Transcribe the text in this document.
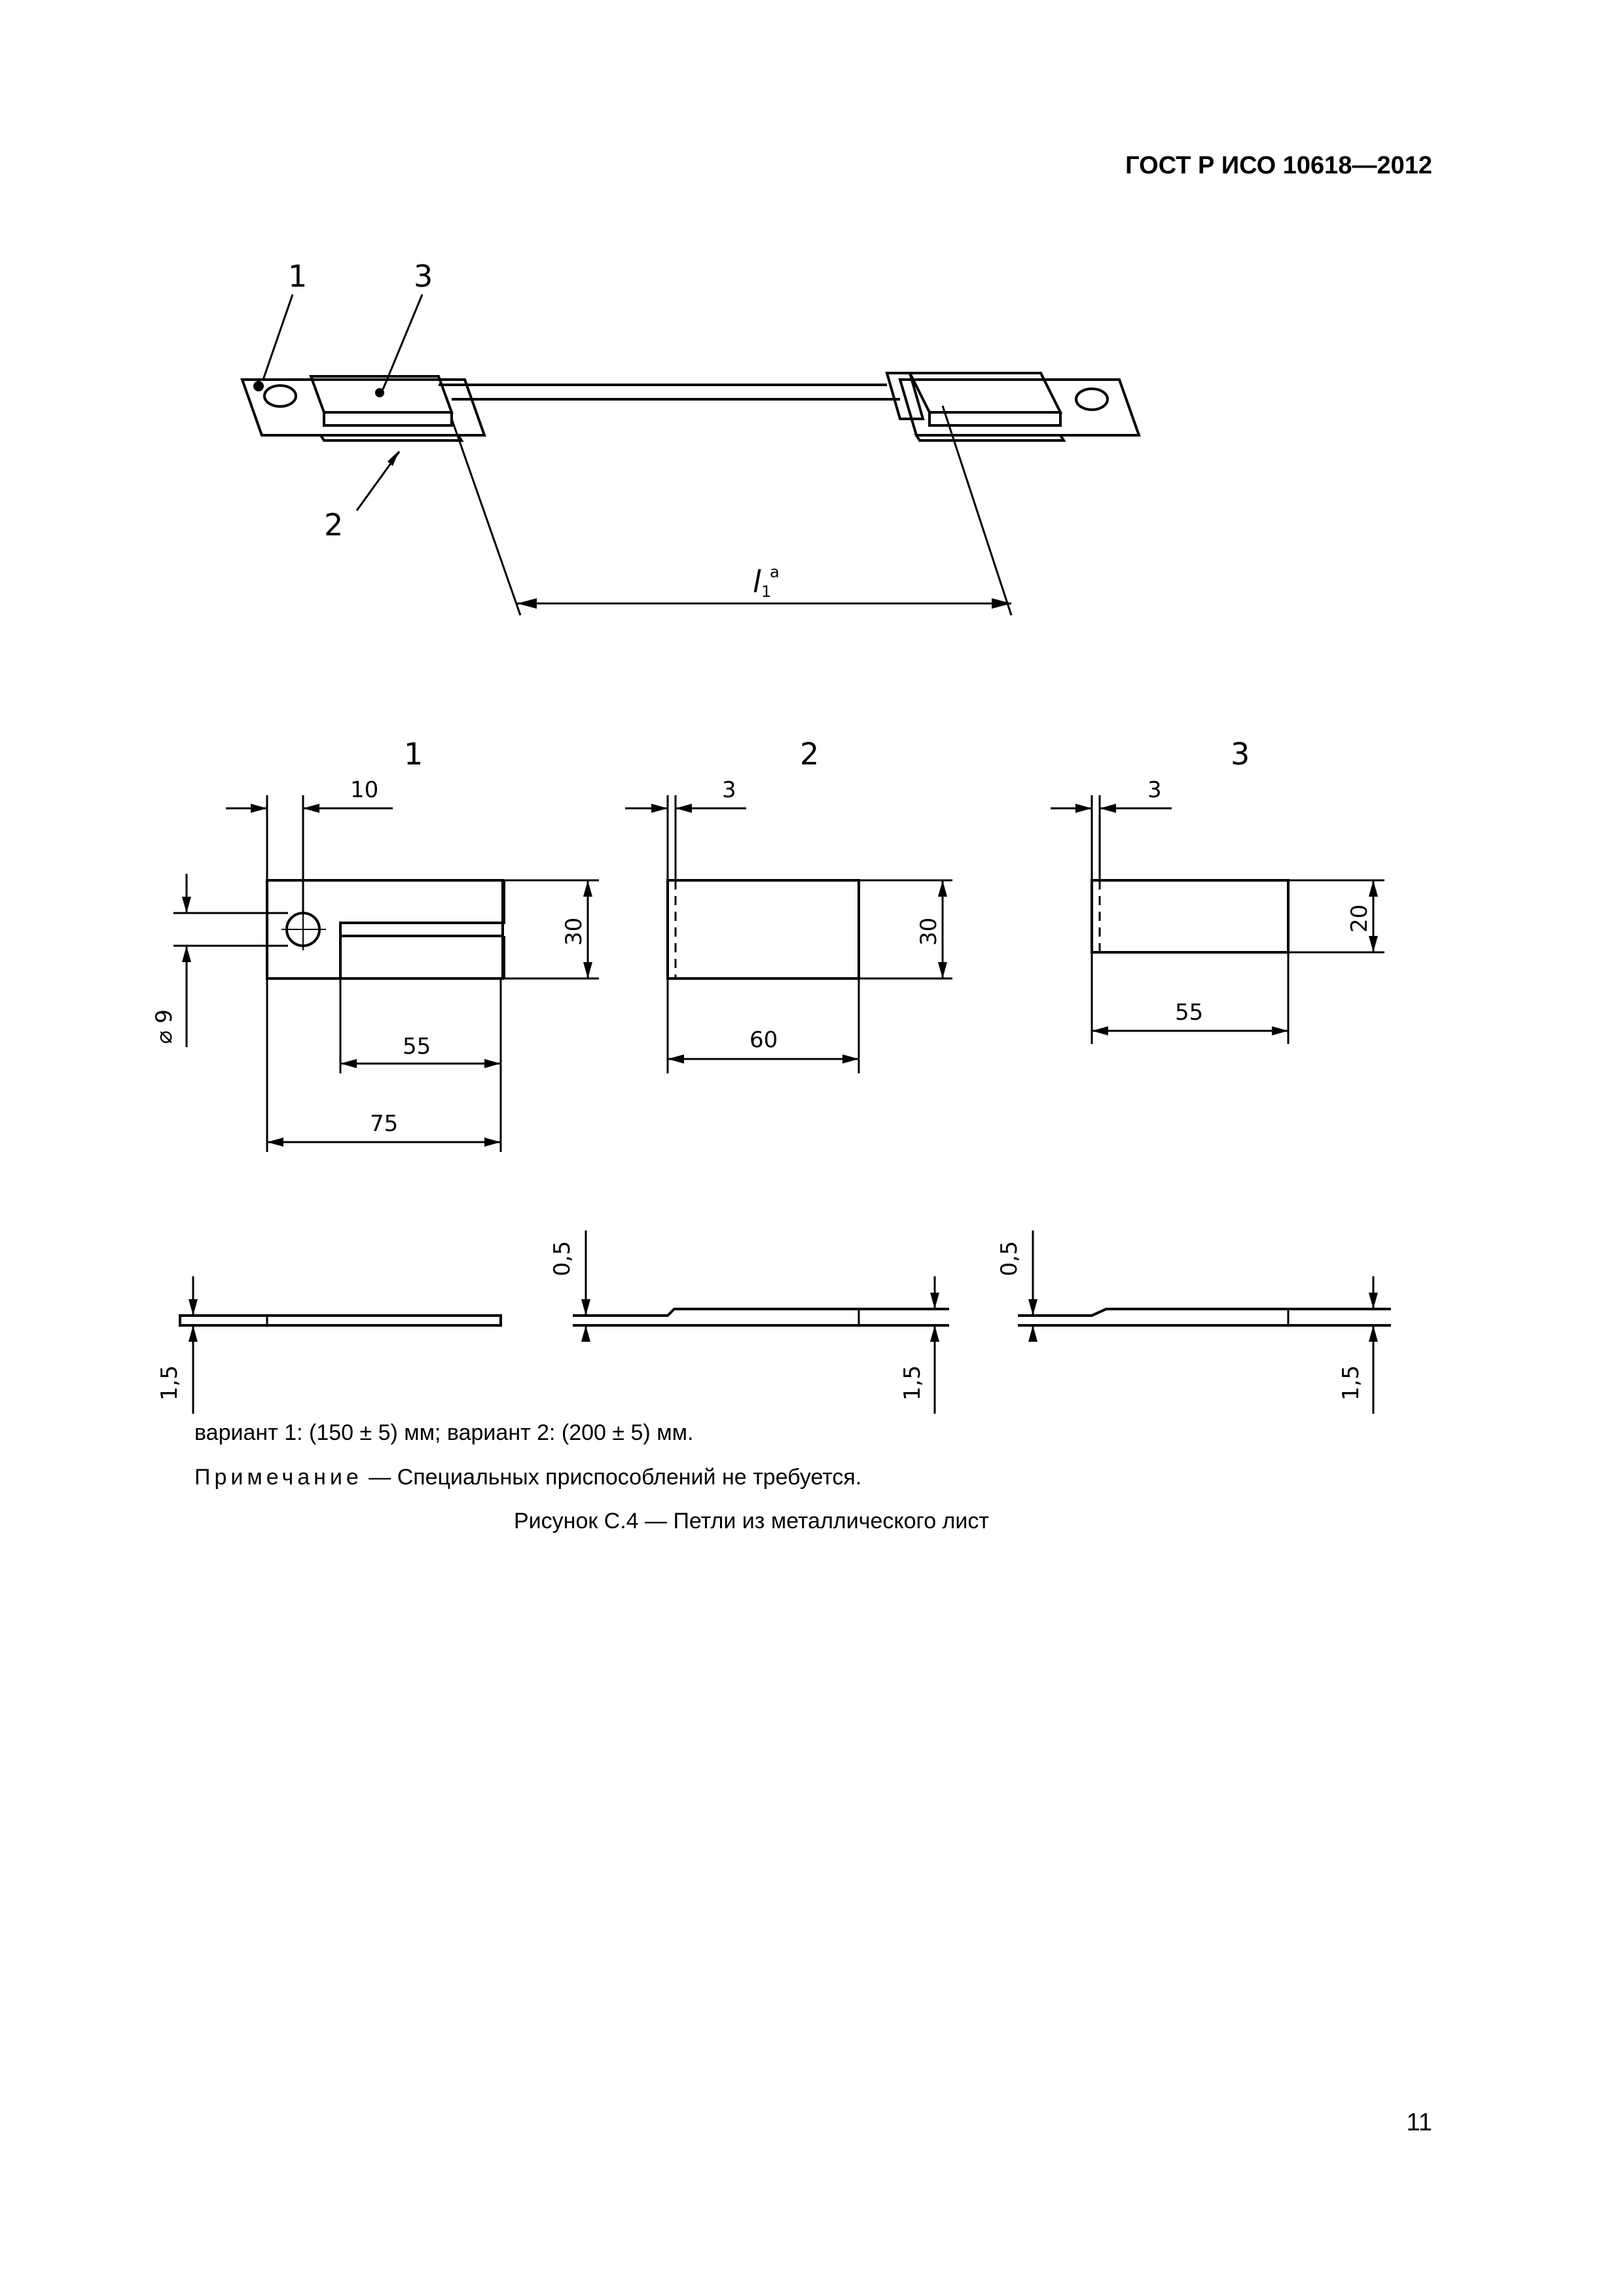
ГОСТ Р ИСО 10618—2012
1	3
2
l 1
a
1	2	3
10
30
⌀ 9
55
75
1,5
3
30
60
0,5
1,5
3
20
55
0,5
1,5
вариант 1: (150 ± 5) мм; вариант 2: (200 ± 5) мм.
Примечание — Специальных приспособлений не требуется.
Рисунок С.4 — Петли из металлического лист
11
